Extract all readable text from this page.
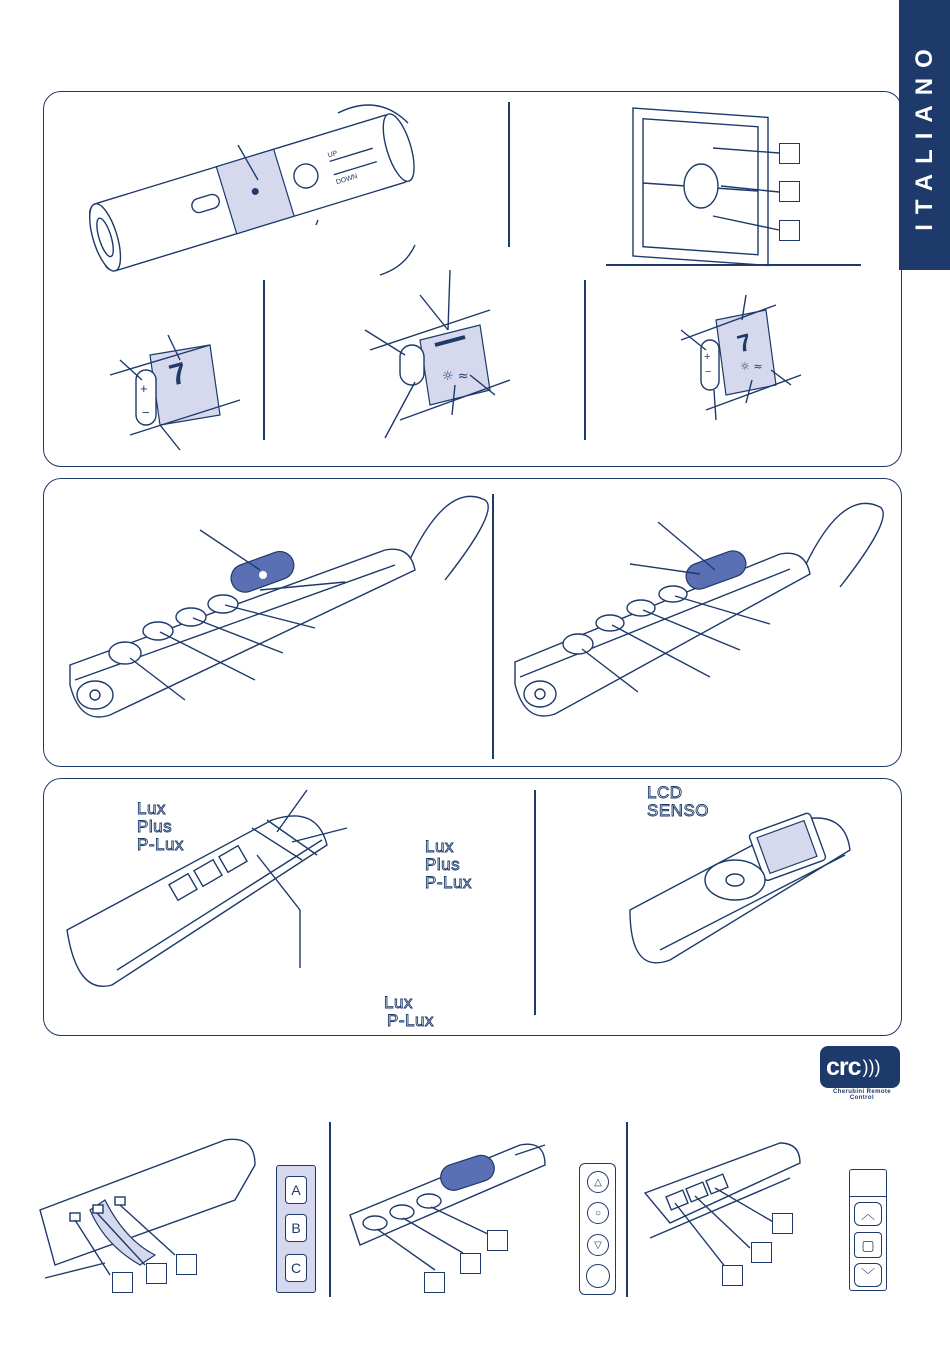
ITALIANO
UP
DOWN
+
−
7	☼ ≈
+
−	☼ ≈
7
Lux
Plus
P-Lux	Lux
Plus
P-Lux
Lux
P-Lux
LCD
SENSO
crc )))
Cherubini Remote Control
A
B
C
△
○
▽
︿
▢
﹀
